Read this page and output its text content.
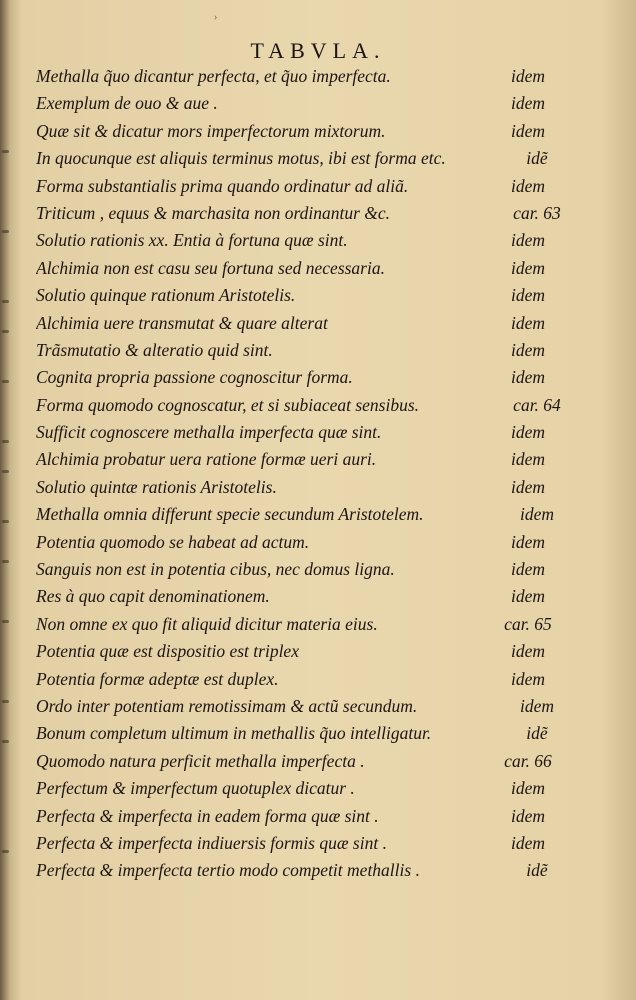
›
TABVLA.
Methalla q̃uo dicantur perfecta, et q̃uo imperfecta.	idem
Exemplum de ouo & aue .	idem
Quæ sit & dicatur mors imperfectorum mixtorum.	idem
In quocunque est aliquis terminus motus, ibi est forma etc.	idẽ
Forma substantialis prima quando ordinatur ad aliã.	idem
Triticum , equus & marchasita non ordinantur &c.	car. 63
Solutio rationis xx. Entia à fortuna quæ sint.	idem
Alchimia non est casu seu fortuna sed necessaria.	idem
Solutio quinque rationum Aristotelis.	idem
Alchimia uere transmutat & quare alterat	idem
Trãsmutatio & alteratio quid sint.	idem
Cognita propria passione cognoscitur forma.	idem
Forma quomodo cognoscatur, et si subiaceat sensibus.	car. 64
Sufficit cognoscere methalla imperfecta quæ sint.	idem
Alchimia probatur uera ratione formæ ueri auri.	idem
Solutio quintæ rationis Aristotelis.	idem
Methalla omnia differunt specie secundum Aristotelem.	idem
Potentia quomodo se habeat ad actum.	idem
Sanguis non est in potentia cibus, nec domus ligna.	idem
Res à quo capit denominationem.	idem
Non omne ex quo fit aliquid dicitur materia eius.	car. 65
Potentia quæ est dispositio est triplex	idem
Potentia formæ adeptæ est duplex.	idem
Ordo inter potentiam remotissimam & actũ secundum.	idem
Bonum completum ultimum in methallis q̃uo intelligatur.	idẽ
Quomodo natura perficit methalla imperfecta .	car. 66
Perfectum & imperfectum quotuplex dicatur .	idem
Perfecta & imperfecta in eadem forma quæ sint .	idem
Perfecta & imperfecta indiuersis formis quæ sint .	idem
Perfecta & imperfecta tertio modo competit methallis .	idẽ
